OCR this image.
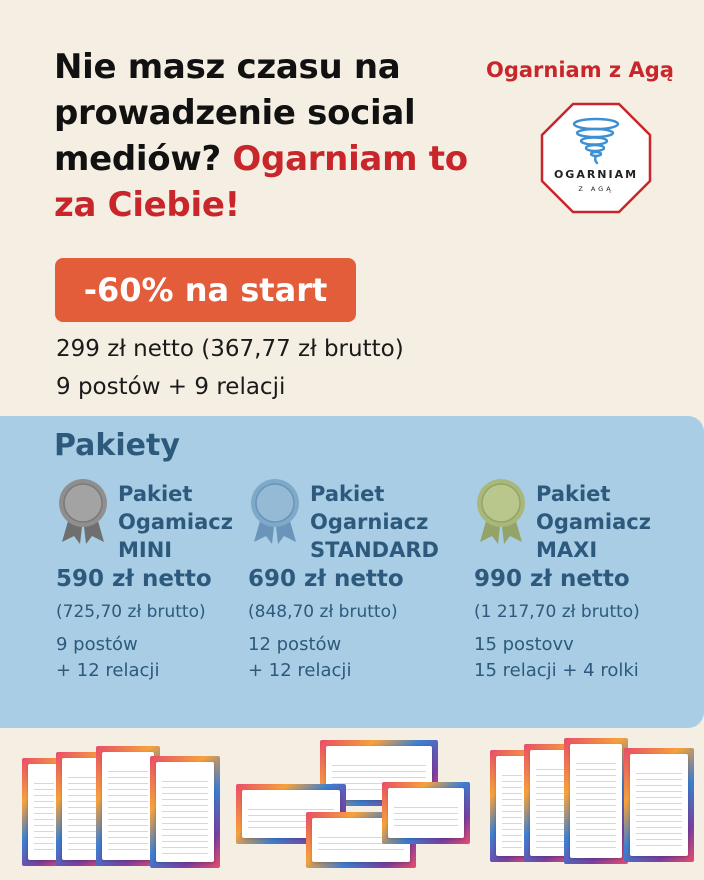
Nie masz czasu na prowadzenie social mediów? Ogarniam to za Ciebie!
Ogarniam z Agą
OGARNIAM
Z AGĄ
-60% na start
299 zł netto (367,77 zł brutto)
9 postów + 9 relacji
Pakiety
Pakiet
Ogamiacz
MINI
590 zł netto
(725,70 zł brutto)
9 postów
+ 12 relacji
Pakiet
Ogarniacz
STANDARD
690 zł netto
(848,70 zł brutto)
12 postów
+ 12 relacji
Pakiet
Ogamiacz
MAXI
990 zł netto
(1 217,70 zł brutto)
15 postovv
15 relacji + 4 rolki
